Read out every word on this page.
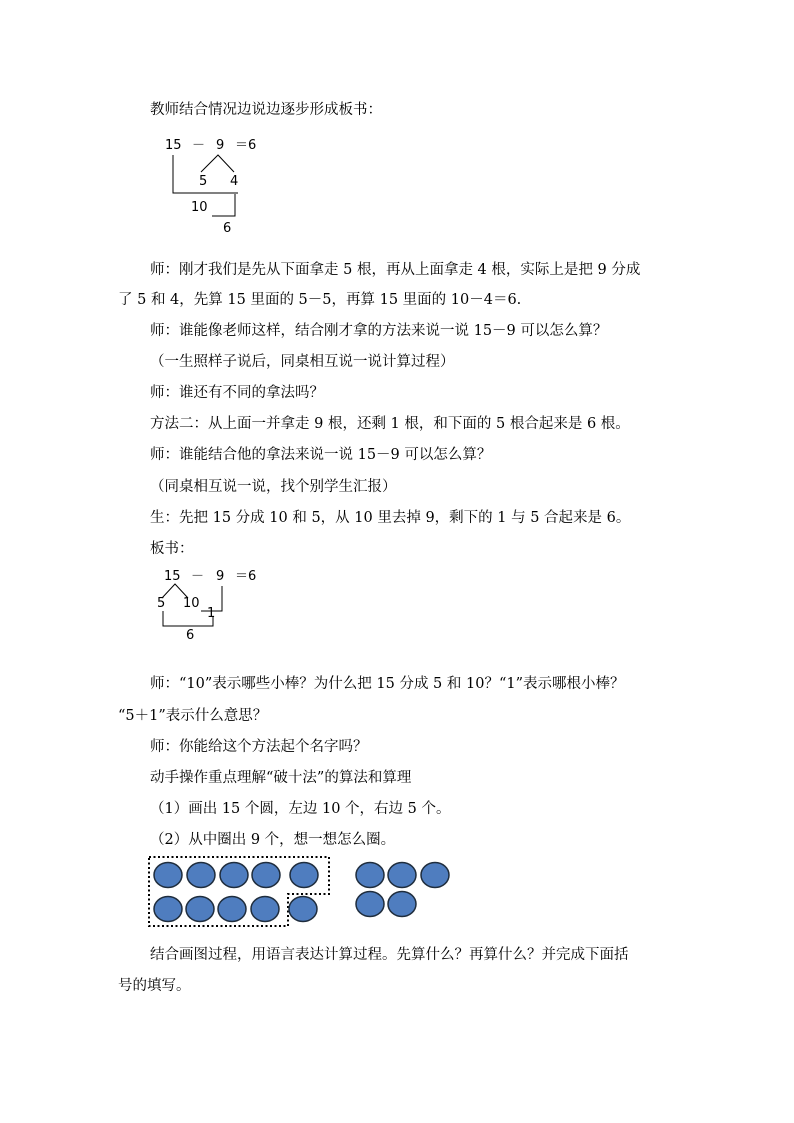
教师结合情况边说边逐步形成板书：
15 － 9 ＝6
5 4
10
6
师：刚才我们是先从下面拿走 5 根，再从上面拿走 4 根，实际上是把 9 分成
了 5 和 4，先算 15 里面的 5－5，再算 15 里面的 10－4＝6.
师：谁能像老师这样，结合刚才拿的方法来说一说 15－9 可以怎么算？
（一生照样子说后，同桌相互说一说计算过程）
师：谁还有不同的拿法吗？
方法二：从上面一并拿走 9 根，还剩 1 根，和下面的 5 根合起来是 6 根。
师：谁能结合他的拿法来说一说 15－9 可以怎么算？
（同桌相互说一说，找个别学生汇报）
生：先把 15 分成 10 和 5，从 10 里去掉 9，剩下的 1 与 5 合起来是 6。
板书：
15 － 9 ＝6
5 10
1
6
师：“10”表示哪些小棒？为什么把 15 分成 5 和 10？“1”表示哪根小棒？
“5＋1”表示什么意思？
师：你能给这个方法起个名字吗？
动手操作重点理解“破十法”的算法和算理
（1）画出 15 个圆，左边 10 个，右边 5 个。
（2）从中圈出 9 个，想一想怎么圈。
结合画图过程，用语言表达计算过程。先算什么？再算什么？并完成下面括
号的填写。
